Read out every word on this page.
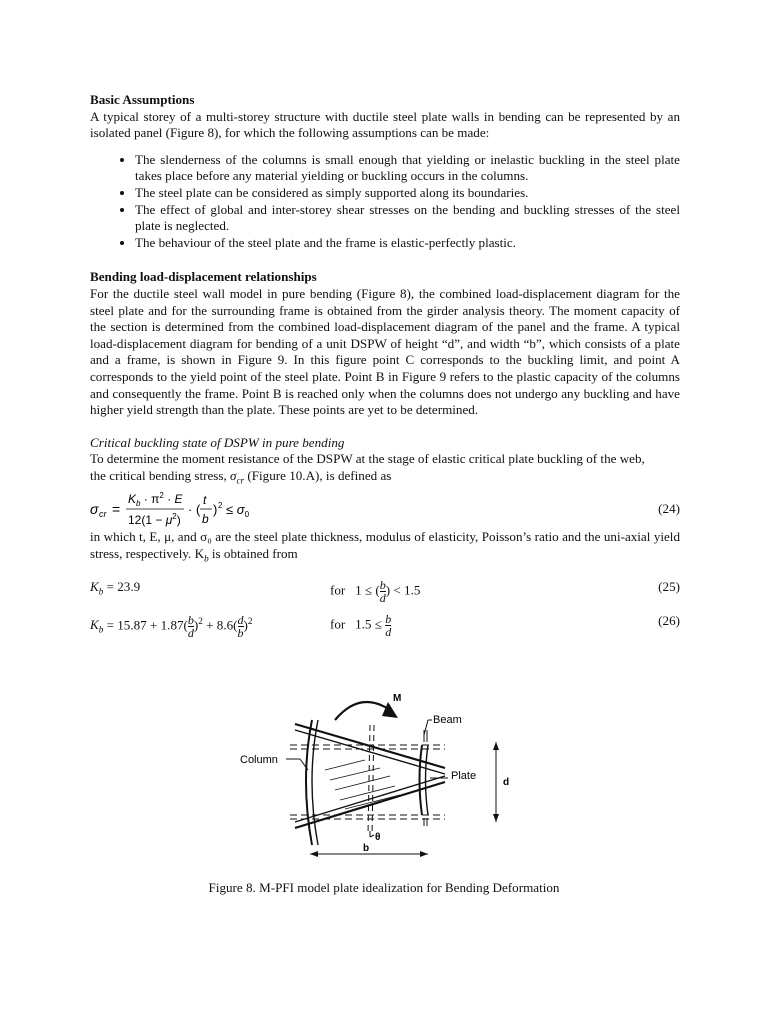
Basic Assumptions

A typical storey of a multi-storey structure with ductile steel plate walls in bending can be represented by an isolated panel (Figure 8), for which the following assumptions can be made:

• The slenderness of the columns is small enough that yielding or inelastic buckling in the steel plate takes place before any material yielding or buckling occurs in the columns.
• The steel plate can be considered as simply supported along its boundaries.
• The effect of global and inter-storey shear stresses on the bending and buckling stresses of the steel plate is neglected.
• The behaviour of the steel plate and the frame is elastic-perfectly plastic.

Bending load-displacement relationships

For the ductile steel wall model in pure bending (Figure 8), the combined load-displacement diagram for the steel plate and for the surrounding frame is obtained from the girder analysis theory. The moment capacity of the section is determined from the combined load-displacement diagram of the panel and the frame. A typical load-displacement diagram for bending of a unit DSPW of height “d”, and width “b”, which consists of a plate and a frame, is shown in Figure 9. In this figure point C corresponds to the buckling limit, and point A corresponds to the yield point of the steel plate. Point B in Figure 9 refers to the plastic capacity of the columns and consequently the frame. Point B is reached only when the columns does not undergo any buckling and have higher yield strength than the plate. These points are yet to be determined.

Critical buckling state of DSPW in pure bending

To determine the moment resistance of the DSPW at the stage of elastic critical plate buckling of the web,

the critical bending stress, $\sigma_{cr}$ (Figure 10.A), is defined as

σ cr =
$K_b \cdot \pi^2 \cdot E$
$12(1 - \mu^2)$
· (
t
b
) $2 \le \sigma_0$	(24)

in which t, E, μ, and σ₀ are the steel plate thickness, modulus of elasticity, Poisson’s ratio and the uni-axial yield stress, respectively. $K_b$ is obtained from

$K_b = 23.9$	for   1 ≤ ( $\frac{b}{d}$ ) < 1.5	(25)
$K_b = 15.87 + 1.87( \frac{b}{d} )^2 + 8.6( \frac{d}{b} )^2$	for   $1.5 \le \frac{b}{d}$	(26)
M
Beam
Column
Plate
d
b
θ
Figure 8. M-PFI model plate idealization for Bending Deformation
